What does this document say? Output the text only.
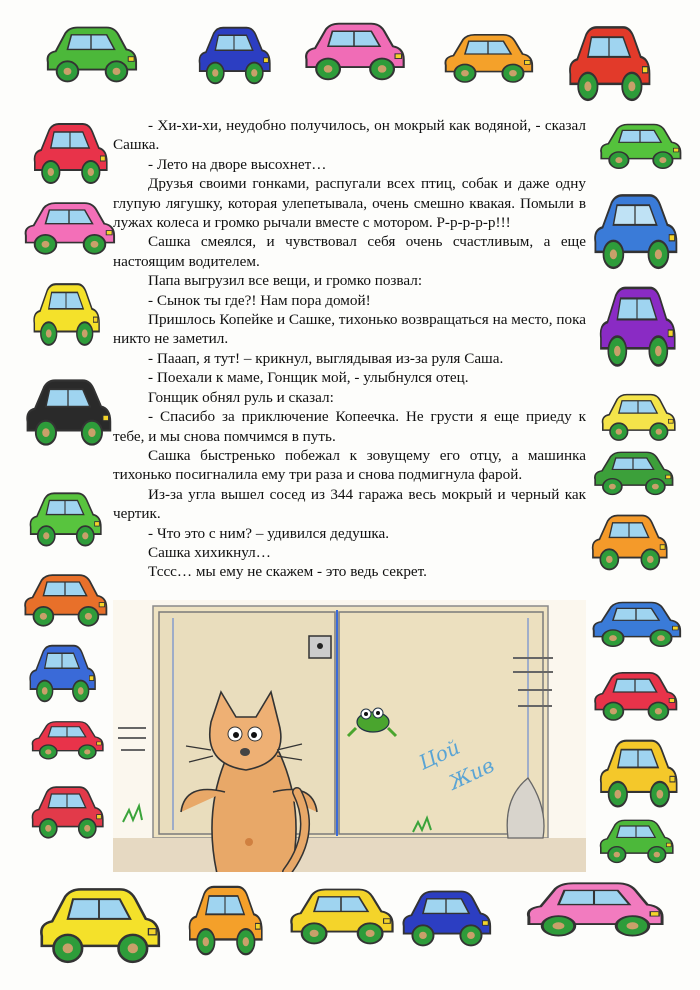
- Хи-хи-хи, неудобно получилось, он мокрый как водяной, - сказал Сашка.

- Лето на дворе высохнет…

Друзья своими гонками, распугали всех птиц, собак и даже одну глупую лягушку, которая улепетывала, очень смешно квакая. Помыли в лужах колеса и громко рычали вместе с мотором. Р-р-р-р-р!!!

Сашка смеялся, и чувствовал себя очень счастливым, а еще настоящим водителем.

Папа выгрузил все вещи, и громко позвал:

- Сынок ты где?! Нам пора домой!

Пришлось Копейке и Сашке, тихонько возвращаться на место, пока никто не заметил.

- Пааап, я тут! – крикнул, выглядывая из-за руля Саша.

- Поехали к маме, Гонщик мой, - улыбнулся отец.

Гонщик обнял руль и сказал:

- Спасибо за приключение Копеечка. Не грусти я еще приеду к тебе, и мы снова помчимся в путь.

Сашка быстренько побежал к зовущему его отцу, а машинка тихонько посигналила ему три раза и снова подмигнула фарой.

Из-за угла вышел сосед из 344 гаража весь мокрый и черный как чертик.

- Что это с ним? – удивился дедушка.

Сашка хихикнул…

Тссс… мы ему не скажем - это ведь секрет.

Цой
Жив
